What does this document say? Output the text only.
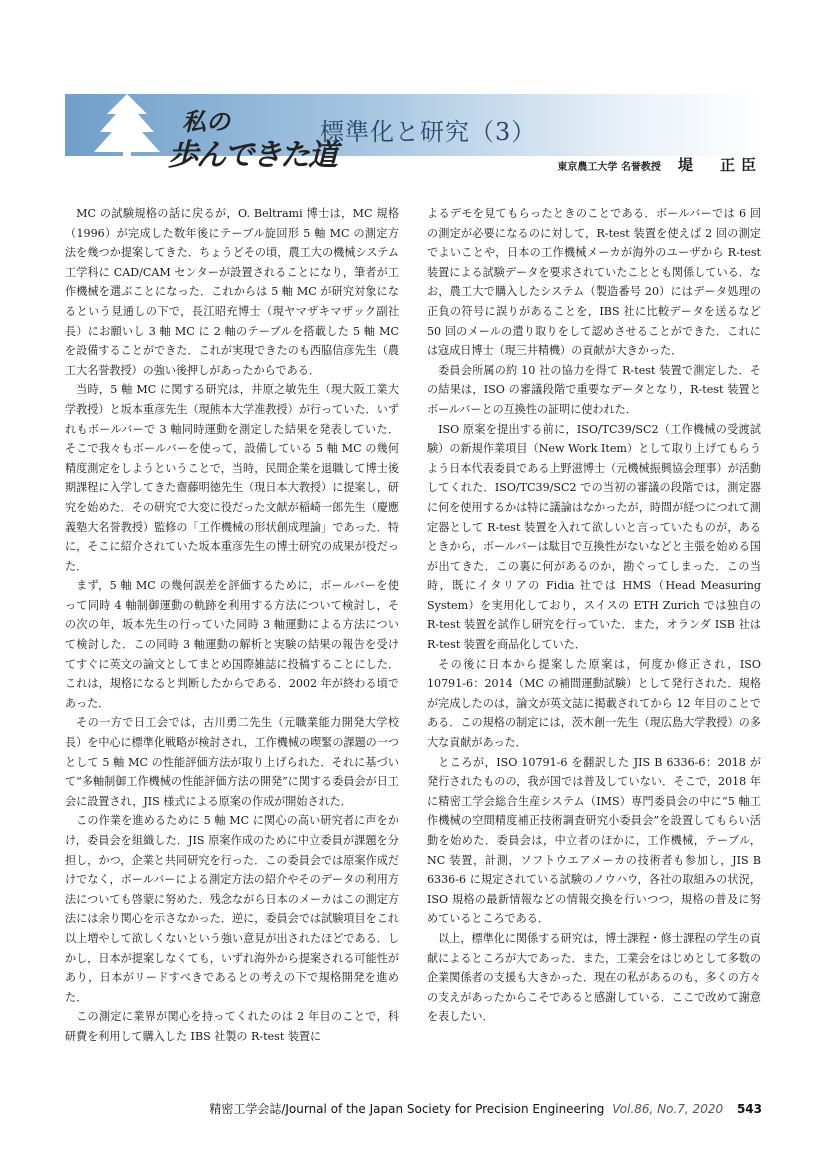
私の
歩んできた道
標準化と研究（3）
東京農工大学 名誉教授 堤　正臣

MC の試験規格の話に戻るが，O. Beltrami 博士は，MC 規格（1996）が完成した数年後にテーブル旋回形 5 軸 MC の測定方法を幾つか提案してきた．ちょうどその頃，農工大の機械システム工学科に CAD/CAM センターが設置されることになり，筆者が工作機械を選ぶことになった．これからは 5 軸 MC が研究対象になるという見通しの下で，長江昭充博士（現ヤマザキマザック副社長）にお願いし 3 軸 MC に 2 軸のテーブルを搭載した 5 軸 MC を設備することができた．これが実現できたのも西脇信彦先生（農工大名誉教授）の強い後押しがあったからである．

当時，5 軸 MC に関する研究は，井原之敏先生（現大阪工業大学教授）と坂本重彦先生（現熊本大学准教授）が行っていた．いずれもボールバーで 3 軸同時運動を測定した結果を発表していた．そこで我々もボールバーを使って，設備している 5 軸 MC の幾何精度測定をしようということで，当時，民間企業を退職して博士後期課程に入学してきた齋藤明徳先生（現日本大教授）に提案し，研究を始めた．その研究で大変に役だった文献が稲崎一郎先生（慶應義塾大名誉教授）監修の「工作機械の形状創成理論」であった．特に，そこに紹介されていた坂本重彦先生の博士研究の成果が役だった．

まず，5 軸 MC の幾何誤差を評価するために，ボールバーを使って同時 4 軸制御運動の軌跡を利用する方法について検討し，その次の年，坂本先生の行っていた同時 3 軸運動による方法について検討した．この同時 3 軸運動の解析と実験の結果の報告を受けてすぐに英文の論文としてまとめ国際雑誌に投稿することにした．これは，規格になると判断したからである．2002 年が終わる頃であった．

その一方で日工会では，古川勇二先生（元職業能力開発大学校長）を中心に標準化戦略が検討され，工作機械の喫緊の課題の一つとして 5 軸 MC の性能評価方法が取り上げられた．それに基づいて“多軸制御工作機械の性能評価方法の開発”に関する委員会が日工会に設置され，JIS 様式による原案の作成が開始された．

この作業を進めるために 5 軸 MC に関心の高い研究者に声をかけ，委員会を組織した．JIS 原案作成のために中立委員が課題を分担し，かつ，企業と共同研究を行った．この委員会では原案作成だけでなく，ボールバーによる測定方法の紹介やそのデータの利用方法についても啓蒙に努めた．残念ながら日本のメーカはこの測定方法には余り関心を示さなかった．逆に，委員会では試験項目をこれ以上増やして欲しくないという強い意見が出されたほどである．しかし，日本が提案しなくても，いずれ海外から提案される可能性があり，日本がリードすべきであるとの考えの下で規格開発を進めた．

この測定に業界が関心を持ってくれたのは 2 年目のことで，科研費を利用して購入した IBS 社製の R-test 装置に

よるデモを見てもらったときのことである．ボールバーでは 6 回の測定が必要になるのに対して，R-test 装置を使えば 2 回の測定でよいことや，日本の工作機械メーカが海外のユーザから R-test 装置による試験データを要求されていたこととも関係している．なお，農工大で購入したシステム（製造番号 20）にはデータ処理の正負の符号に誤りがあることを，IBS 社に比較データを送るなど 50 回のメールの遣り取りをして認めさせることができた．これには寇成日博士（現三井精機）の貢献が大きかった．

委員会所属の約 10 社の協力を得て R-test 装置で測定した．その結果は，ISO の審議段階で重要なデータとなり，R-test 装置とボールバーとの互換性の証明に使われた．

ISO 原案を提出する前に，ISO/TC39/SC2（工作機械の受渡試験）の新規作業項目（New Work Item）として取り上げてもらうよう日本代表委員である上野滋博士（元機械振興協会理事）が活動してくれた．ISO/TC39/SC2 での当初の審議の段階では，測定器に何を使用するかは特に議論はなかったが，時間が経つにつれて測定器として R-test 装置を入れて欲しいと言っていたものが，あるときから，ボールバーは駄目で互換性がないなどと主張を始める国が出てきた．この裏に何があるのか，勘ぐってしまった．この当時，既にイタリアの Fidia 社では HMS（Head Measuring System）を実用化しており，スイスの ETH Zurich では独自の R-test 装置を試作し研究を行っていた．また，オランダ ISB 社は R-test 装置を商品化していた．

その後に日本から提案した原案は，何度か修正され，ISO 10791-6：2014（MC の補間運動試験）として発行された．規格が完成したのは，論文が英文誌に掲載されてから 12 年目のことである．この規格の制定には，茨木創一先生（現広島大学教授）の多大な貢献があった．

ところが，ISO 10791-6 を翻訳した JIS B 6336-6：2018 が発行されたものの，我が国では普及していない．そこで，2018 年に精密工学会総合生産システム（IMS）専門委員会の中に“5 軸工作機械の空間精度補正技術調査研究小委員会”を設置してもらい活動を始めた．委員会は，中立者のほかに，工作機械，テーブル，NC 装置，計測，ソフトウエアメーカの技術者も参加し，JIS B 6336-6 に規定されている試験のノウハウ，各社の取組みの状況，ISO 規格の最新情報などの情報交換を行いつつ，規格の普及に努めているところである．

以上，標準化に関係する研究は，博士課程・修士課程の学生の貢献によるところが大であった．また，工業会をはじめとして多数の企業関係者の支援も大きかった．現在の私があるのも，多くの方々の支えがあったからこそであると感謝している．ここで改めて謝意を表したい．

精密工学会誌/Journal of the Japan Society for Precision Engineering Vol.86, No.7, 2020 543
